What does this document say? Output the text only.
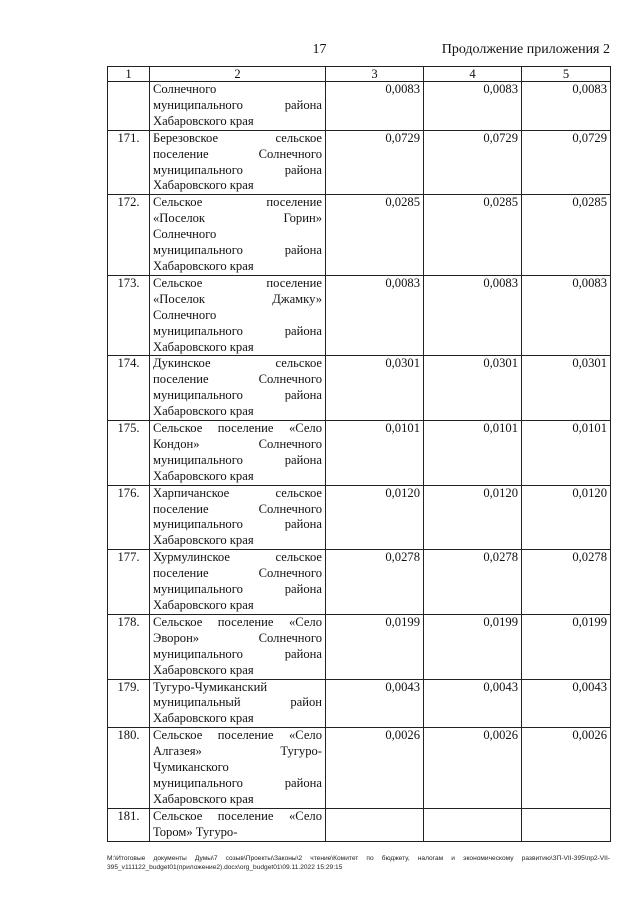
17	Продолжение приложения 2
1	2	3	4	5

	Солнечного
муниципального района
Хабаровского края	0,0083	0,0083	0,0083
171.	Березовское сельское
поселение Солнечного
муниципального района
Хабаровского края	0,0729	0,0729	0,0729
172.	Сельское поселение
«Поселок Горин»
Солнечного
муниципального района
Хабаровского края	0,0285	0,0285	0,0285
173.	Сельское поселение
«Поселок Джамку»
Солнечного
муниципального района
Хабаровского края	0,0083	0,0083	0,0083
174.	Дукинское сельское
поселение Солнечного
муниципального района
Хабаровского края	0,0301	0,0301	0,0301
175.	Сельское поселение «Село
Кондон» Солнечного
муниципального района
Хабаровского края	0,0101	0,0101	0,0101
176.	Харпичанское сельское
поселение Солнечного
муниципального района
Хабаровского края	0,0120	0,0120	0,0120
177.	Хурмулинское сельское
поселение Солнечного
муниципального района
Хабаровского края	0,0278	0,0278	0,0278
178.	Сельское поселение «Село
Эворон» Солнечного
муниципального района
Хабаровского края	0,0199	0,0199	0,0199
179.	Тугуро-Чумиканский
муниципальный район
Хабаровского края	0,0043	0,0043	0,0043
180.	Сельское поселение «Село
Алгазея» Тугуро-
Чумиканского
муниципального района
Хабаровского края	0,0026	0,0026	0,0026
181.	Сельское поселение «Село
Тором» Тугуро-			

М:\Итоговые документы Думы\7 созыв\Проекты\Законы\2 чтение\Комитет по бюджету, налогам и экономическому развитию\ЗП-VII-395\пр2-VII-
395_v111122_budget01(приложение2).docx\org_budget01\09.11.2022 15:29:15
